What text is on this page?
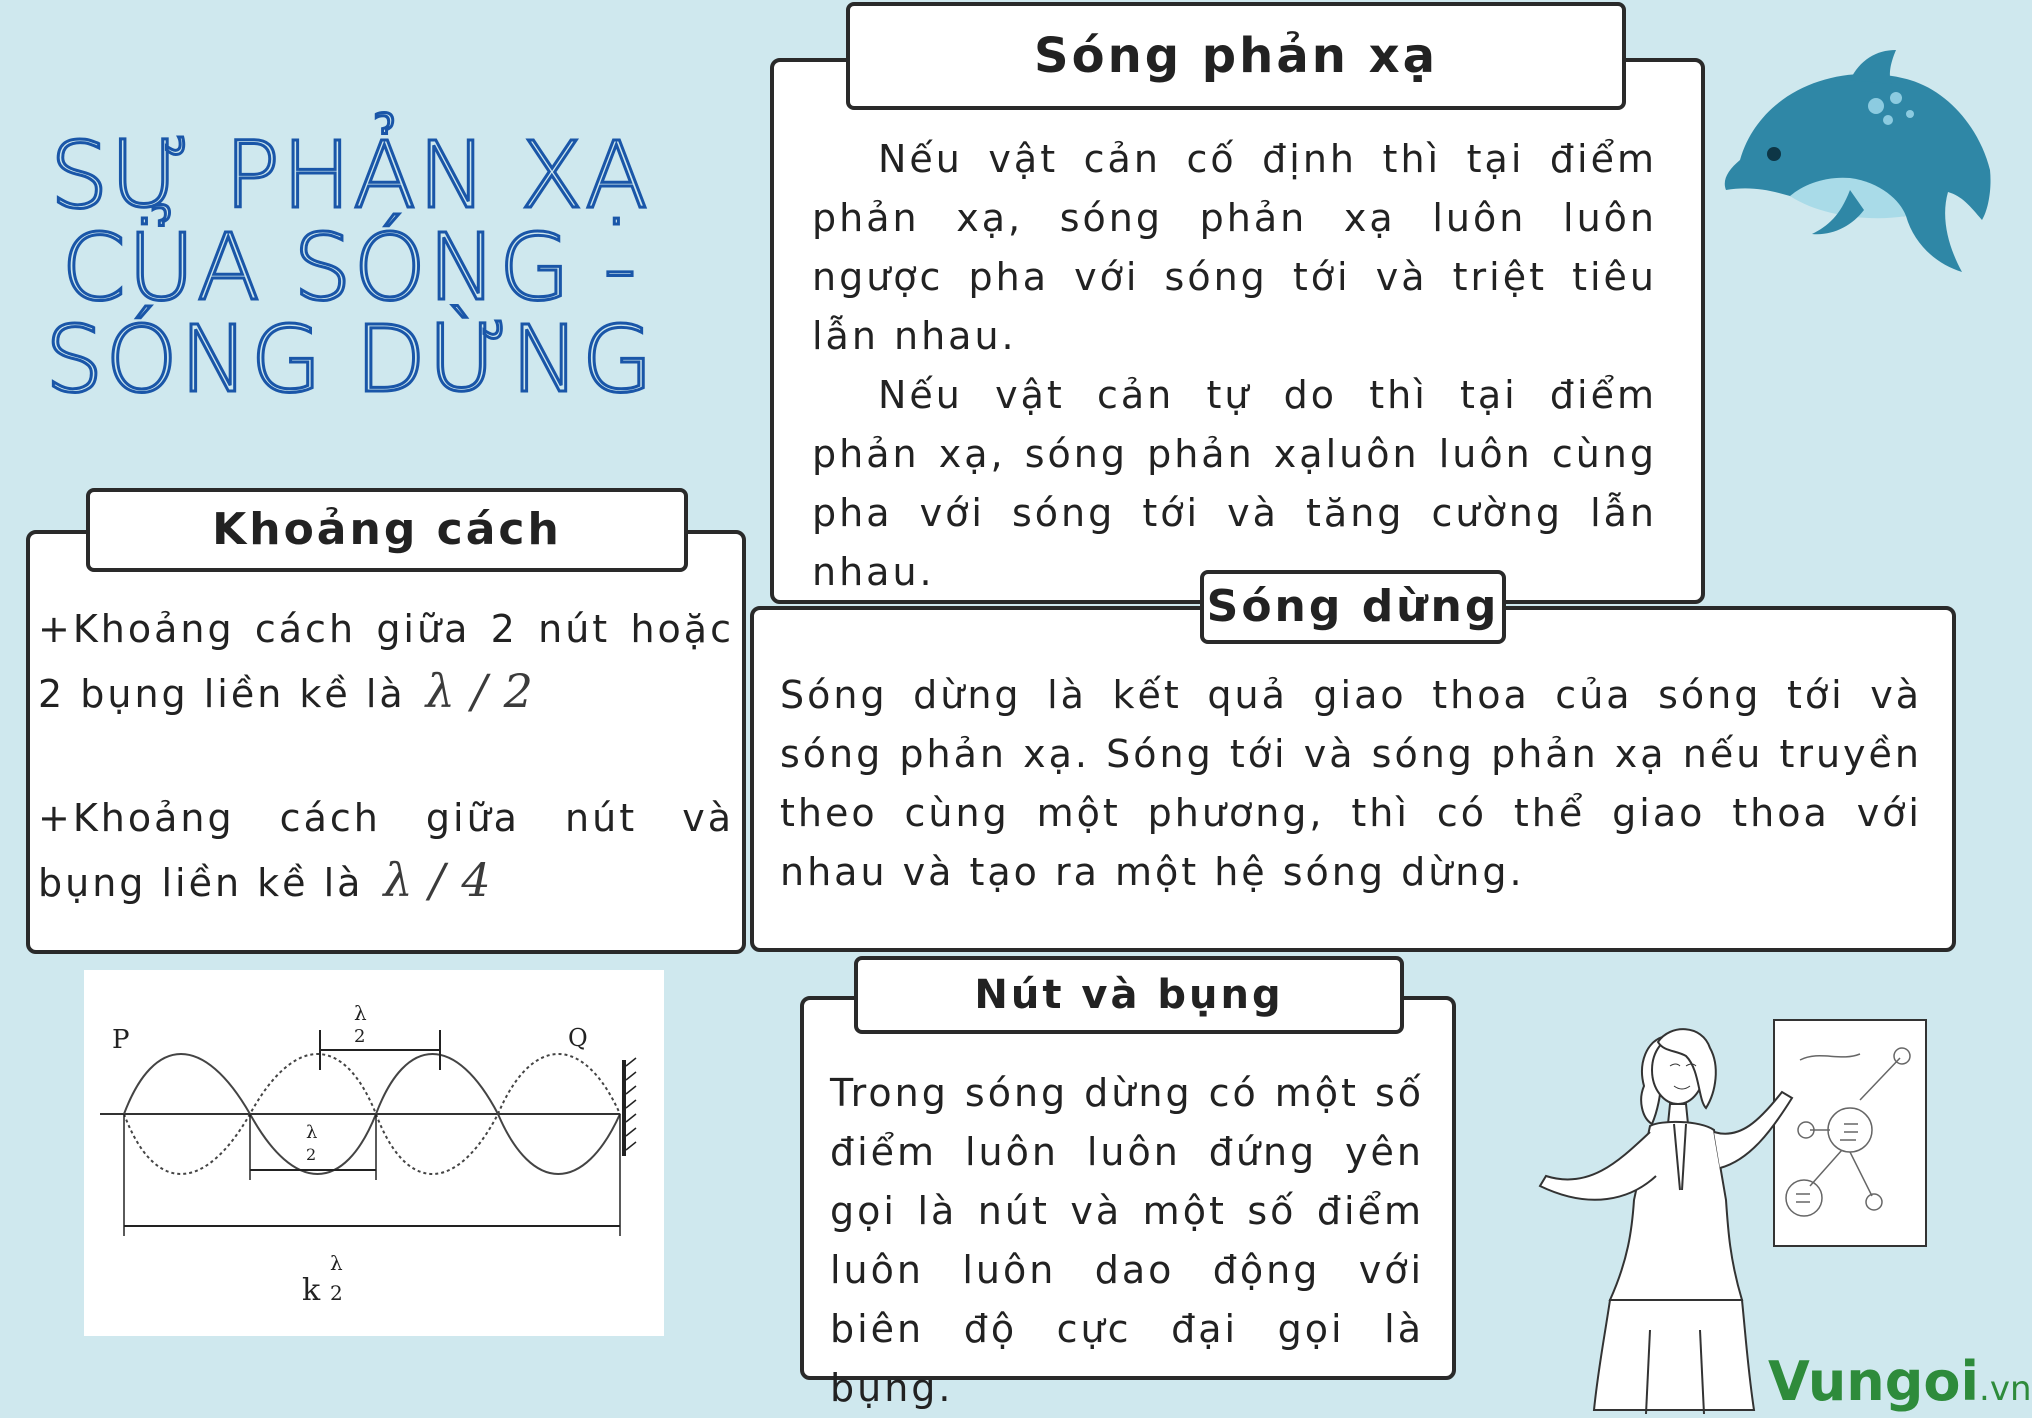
SỰ PHẢN XẠ CỦA SÓNG - SÓNG DỪNG
Sóng phản xạ
Nếu vật cản cố định thì tại điểm phản xạ, sóng phản xạ luôn luôn ngược pha với sóng tới và triệt tiêu lẫn nhau.
Nếu vật cản tự do thì tại điểm phản xạ, sóng phản xạluôn luôn cùng pha với sóng tới và tăng cường lẫn nhau.
Khoảng cách
+Khoảng cách giữa 2 nút hoặc 2 bụng liền kề là λ / 2
+Khoảng cách giữa nút và bụng liền kề là λ / 4
Sóng dừng
Sóng dừng là kết quả giao thoa của sóng tới và sóng phản xạ. Sóng tới và sóng phản xạ nếu truyền theo cùng một phương, thì có thể giao thoa với nhau và tạo ra một hệ sóng dừng.
P	Q
λ
2
λ
2
k
λ
2
Nút và bụng
Trong sóng dừng có một số điểm luôn luôn đứng yên gọi là nút và một số điểm luôn luôn dao động với biên độ cực đại gọi là bụng.	Vungoi.vn
